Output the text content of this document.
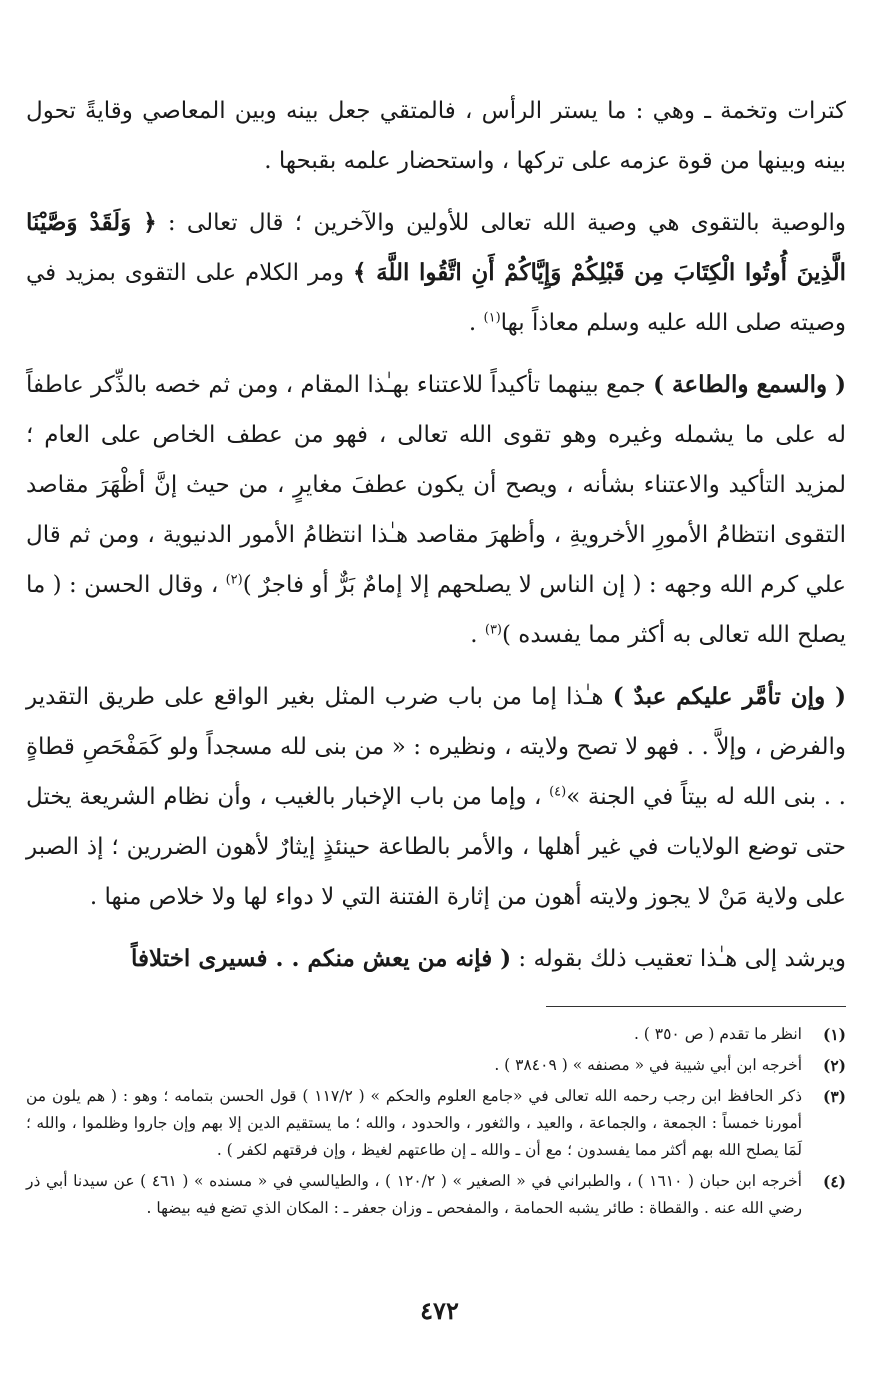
كترات وتخمة ـ وهي : ما يستر الرأس ، فالمتقي جعل بينه وبين المعاصي وقايةً تحول بينه وبينها من قوة عزمه على تركها ، واستحضار علمه بقبحها .

والوصية بالتقوى هي وصية الله تعالى للأولين والآخرين ؛ قال تعالى : ﴿ وَلَقَدْ وَصَّيْنَا الَّذِينَ أُوتُوا الْكِتَابَ مِن قَبْلِكُمْ وَإِيَّاكُمْ أَنِ اتَّقُوا اللَّهَ ﴾ ومر الكلام على التقوى بمزيد في وصيته صلى الله عليه وسلم معاذاً بها$^{(١)}$ .

( والسمع والطاعة ) جمع بينهما تأكيداً للاعتناء بهـٰذا المقام ، ومن ثم خصه بالذِّكر عاطفاً له على ما يشمله وغيره وهو تقوى الله تعالى ، فهو من عطف الخاص على العام ؛ لمزيد التأكيد والاعتناء بشأنه ، ويصح أن يكون عطفَ مغايرٍ ، من حيث إنَّ أظْهَرَ مقاصد التقوى انتظامُ الأمورِ الأخرويةِ ، وأظهرَ مقاصد هـٰذا انتظامُ الأمور الدنيوية ، ومن ثم قال علي كرم الله وجهه : ( إن الناس لا يصلحهم إلا إمامٌ بَرٌّ أو فاجرٌ )$^{(٢)}$ ، وقال الحسن : ( ما يصلح الله تعالى به أكثر مما يفسده )$^{(٣)}$ .

( وإن تأمَّر عليكم عبدٌ ) هـٰذا إما من باب ضرب المثل بغير الواقع على طريق التقدير والفرض ، وإلاَّ . . فهو لا تصح ولايته ، ونظيره : « من بنى لله مسجداً ولو كَمَفْحَصِ قطاةٍ . . بنى الله له بيتاً في الجنة »$^{(٤)}$ ، وإما من باب الإخبار بالغيب ، وأن نظام الشريعة يختل حتى توضع الولايات في غير أهلها ، والأمر بالطاعة حينئذٍ إيثارٌ لأهون الضررين ؛ إذ الصبر على ولاية مَنْ لا يجوز ولايته أهون من إثارة الفتنة التي لا دواء لها ولا خلاص منها .

ويرشد إلى هـٰذا تعقيب ذلك بقوله : ( فإنه من يعش منكم . . فسيرى اختلافاً

(١)
انظر ما تقدم ( ص ٣٥٠ ) .
(٢)
أخرجه ابن أبي شيبة في « مصنفه » ( ٣٨٤٠٩ ) .
(٣)
ذكر الحافظ ابن رجب رحمه الله تعالى في «جامع العلوم والحكم » ( ١١٧/٢ ) قول الحسن بتمامه ؛ وهو : ( هم يلون من أمورنا خمساً : الجمعة ، والجماعة ، والعيد ، والثغور ، والحدود ، والله ؛ ما يستقيم الدين إلا بهم وإن جاروا وظلموا ، والله ؛ لَمَا يصلح الله بهم أكثر مما يفسدون ؛ مع أن ـ والله ـ إن طاعتهم لغيظ ، وإن فرقتهم لكفر ) .
(٤)
أخرجه ابن حبان ( ١٦١٠ ) ، والطبراني في « الصغير » ( ١٢٠/٢ ) ، والطيالسي في « مسنده » ( ٤٦١ ) عن سيدنا أبي ذر رضي الله عنه . والقطاة : طائر يشبه الحمامة ، والمفحص ـ وزان جعفر ـ : المكان الذي تضع فيه بيضها .
٤٧٢
